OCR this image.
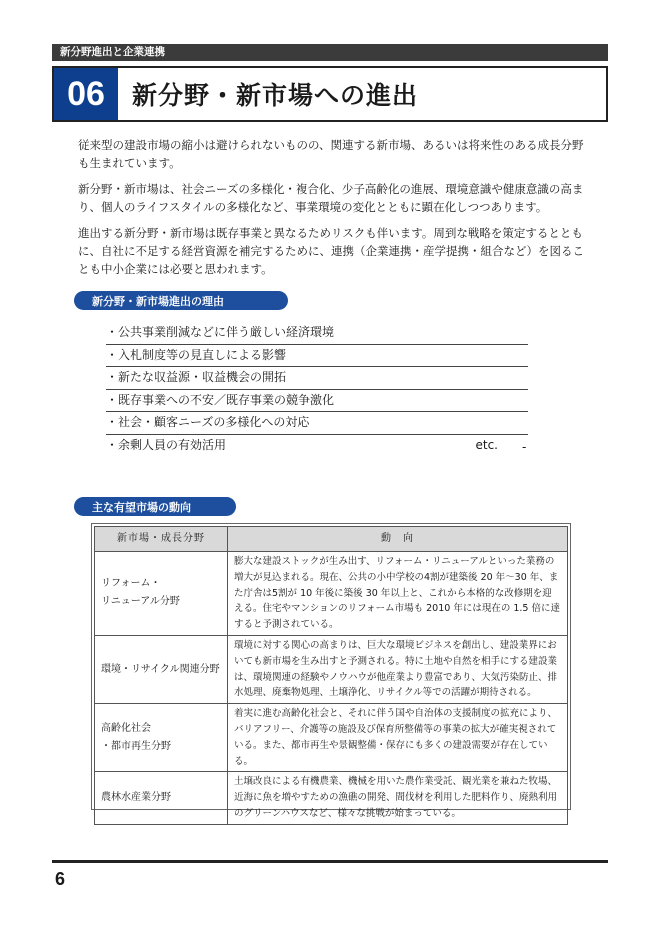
新分野進出と企業連携
06	新分野・新市場への進出

従来型の建設市場の縮小は避けられないものの、関連する新市場、あるいは将来性のある成長分野も生まれています。

新分野・新市場は、社会ニーズの多様化・複合化、少子高齢化の進展、環境意識や健康意識の高まり、個人のライフスタイルの多様化など、事業環境の変化とともに顕在化しつつあります。

進出する新分野・新市場は既存事業と異なるためリスクも伴います。周到な戦略を策定するとともに、自社に不足する経営資源を補完するために、連携（企業連携・産学提携・組合など）を図ることも中小企業には必要と思われます。

新分野・新市場進出の理由
・公共事業削減などに伴う厳しい経済環境
・入札制度等の見直しによる影響
・新たな収益源・収益機会の開拓
・既存事業への不安／既存事業の競争激化
・社会・顧客ニーズの多様化への対応
・余剰人員の有効活用	etc. -
主な有望市場の動向
新市場・成長分野	動　向
リフォーム・
リニューアル分野	膨大な建設ストックが生み出す、リフォーム・リニューアルといった業務の増大が見込まれる。現在、公共の小中学校の4割が建築後 20 年～30 年、また庁舎は5割が 10 年後に築後 30 年以上と、これから本格的な改修期を迎える。住宅やマンションのリフォーム市場も 2010 年には現在の 1.5 倍に達すると予測されている。
環境・リサイクル関連分野	環境に対する関心の高まりは、巨大な環境ビジネスを創出し、建設業界においても新市場を生み出すと予測される。特に土地や自然を相手にする建設業は、環境関連の経験やノウハウが他産業より豊富であり、大気汚染防止、排水処理、廃棄物処理、土壌浄化、リサイクル等での活躍が期待される。
高齢化社会
・都市再生分野	着実に進む高齢化社会と、それに伴う国や自治体の支援制度の拡充により、バリアフリー、介護等の施設及び保育所整備等の事業の拡大が確実視されている。また、都市再生や景観整備・保存にも多くの建設需要が存在している。
農林水産業分野	土壌改良による有機農業、機械を用いた農作業受託、観光業を兼ねた牧場、近海に魚を増やすための漁礁の開発、間伐材を利用した肥料作り、廃熱利用のグリーンハウスなど、様々な挑戦が始まっている。
6
